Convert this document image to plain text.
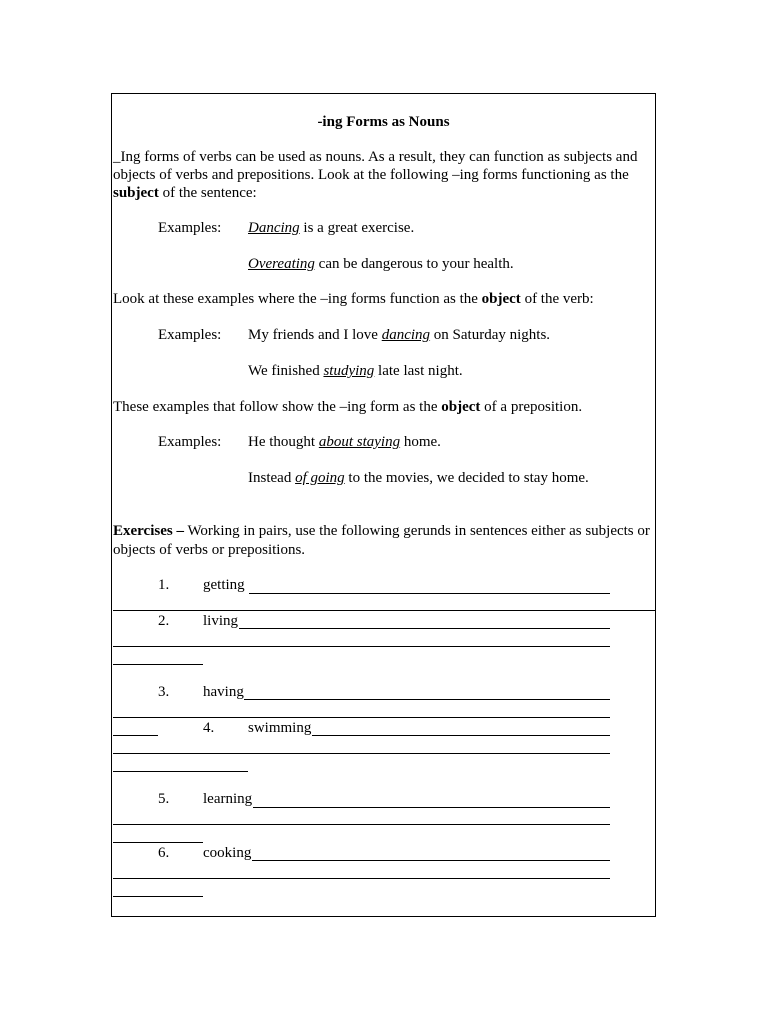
-ing Forms as Nouns
_Ing forms of verbs can be used as nouns. As a result, they can function as subjects and
objects of verbs and prepositions. Look at the following –ing forms functioning as the
subject of the sentence:
Examples: Dancing is a great exercise.
Overeating can be dangerous to your health.
Look at these examples where the –ing forms function as the object of the verb:
Examples: My friends and I love dancing on Saturday nights.
We finished studying late last night.
These examples that follow show the –ing form as the object of a preposition.
Examples: He thought about staying home.
Instead of going to the movies, we decided to stay home.
Exercises – Working in pairs, use the following gerunds in sentences either as subjects or
objects of verbs or prepositions.
1. getting
2. living
3. having
4. swimming
5. learning
6. cooking
